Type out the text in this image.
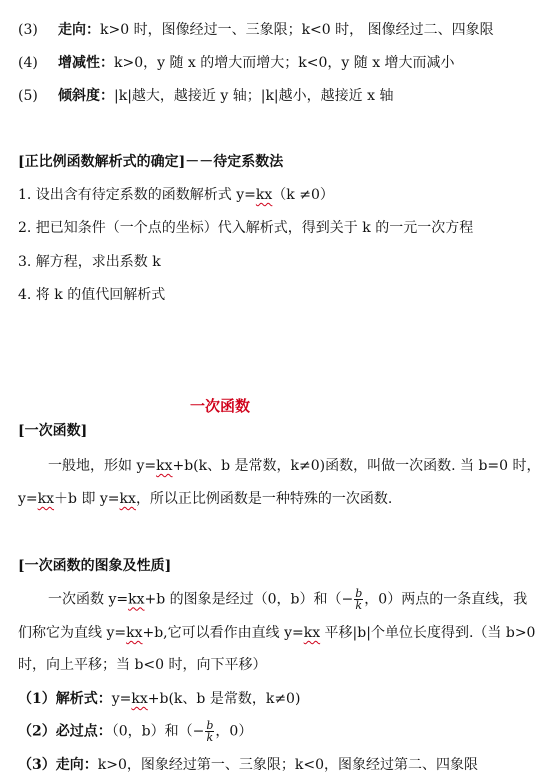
(3) 走向：k>0 时，图像经过一、三象限；k<0 时， 图像经过二、四象限
(4) 增减性：k>0，y 随 x 的增大而增大；k<0，y 随 x 增大而减小
(5) 倾斜度：|k|越大，越接近 y 轴；|k|越小，越接近 x 轴
[正比例函数解析式的确定]－－待定系数法
1. 设出含有待定系数的函数解析式 y=kx（k ≠0）
2. 把已知条件（一个点的坐标）代入解析式，得到关于 k 的一元一次方程
3. 解方程，求出系数 k
4. 将 k 的值代回解析式
一次函数
[一次函数]
一般地，形如 y=kx+b(k、b 是常数，k≠0)函数，叫做一次函数. 当 b=0 时，
y=kx＋b 即 y=kx，所以正比例函数是一种特殊的一次函数.
[一次函数的图象及性质]
一次函数 y=kx+b 的图象是经过（0，b）和（− $\frac{b}{k}$ ，0）两点的一条直线，我
们称它为直线 y=kx+b,它可以看作由直线 y=kx 平移|b|个单位长度得到.（当 b>0
时，向上平移；当 b<0 时，向下平移）
（1）解析式：y=kx+b(k、b 是常数，k≠0)
（2）必过点：（0，b）和（− $\frac{b}{k}$ ，0）
（3）走向：k>0，图象经过第一、三象限；k<0，图象经过第二、四象限
